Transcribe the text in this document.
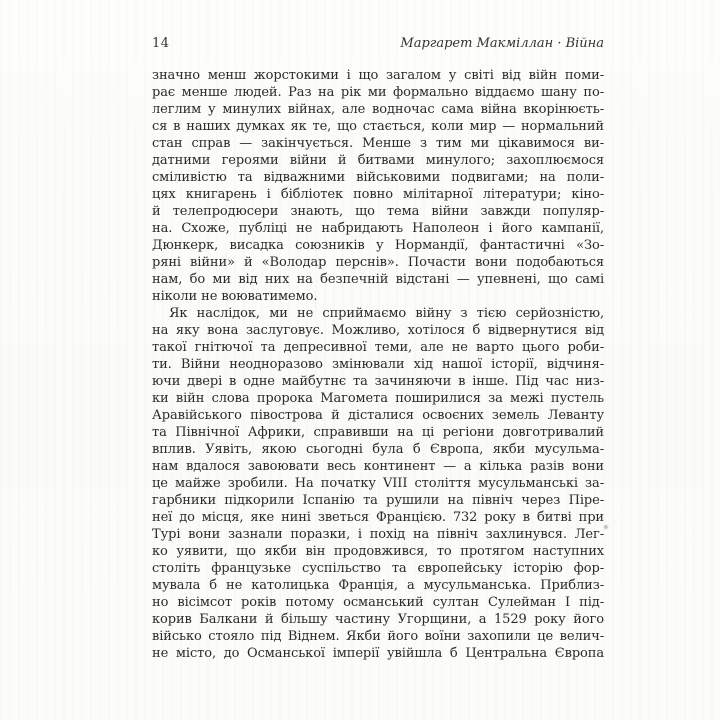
14	Маргарет Макміллан · Війна
значно менш жорстокими і що загалом у світі від війн поми-
рає менше людей. Раз на рік ми формально віддаємо шану по-
леглим у минулих війнах, але водночас сама війна вкорінюєть-
ся в наших думках як те, що стається, коли мир — нормальний
стан справ — закінчується. Менше з тим ми цікавимося ви-
датними героями війни й битвами минулого; захоплюємося
сміливістю та відважними військовими подвигами; на поли-
цях книгарень і бібліотек повно мілітарної літератури; кіно-
й телепродюсери знають, що тема війни завжди популяр-
на. Схоже, публіці не набридають Наполеон і його кампанії,
Дюнкерк, висадка союзників у Нормандії, фантастичні «Зо-
ряні війни» й «Володар перснів». Почасти вони подобаються
нам, бо ми від них на безпечній відстані — упевнені, що самі
ніколи не воюватимемо.
Як наслідок, ми не сприймаємо війну з тією серйозністю,
на яку вона заслуговує. Можливо, хотілося б відвернутися від
такої гнітючої та депресивної теми, але не варто цього роби-
ти. Війни неодноразово змінювали хід нашої історії, відчиня-
ючи двері в одне майбутнє та зачиняючи в інше. Під час низ-
ки війн слова пророка Магомета поширилися за межі пустель
Аравійського півострова й дісталися освоєних земель Леванту
та Північної Африки, справивши на ці регіони довготривалий
вплив. Уявіть, якою сьогодні була б Європа, якби мусульма-
нам вдалося завоювати весь континент — а кілька разів вони
це майже зробили. На початку VIII століття мусульманські за-
гарбники підкорили Іспанію та рушили на північ через Піре-
неї до місця, яке нині зветься Францією. 732 року в битві при
Турі вони зазнали поразки, і похід на північ захлинувся. Лег-
ко уявити, що якби він продовжився, то протягом наступних
століть французьке суспільство та європейську історію фор-
мувала б не католицька Франція, а мусульманська. Приблиз-
но вісімсот років потому османський султан Сулейман I під-
корив Балкани й більшу частину Угорщини, а 1529 року його
військо стояло під Віднем. Якби його воїни захопили це велич-
не місто, до Османської імперії увійшла б Центральна Європа
